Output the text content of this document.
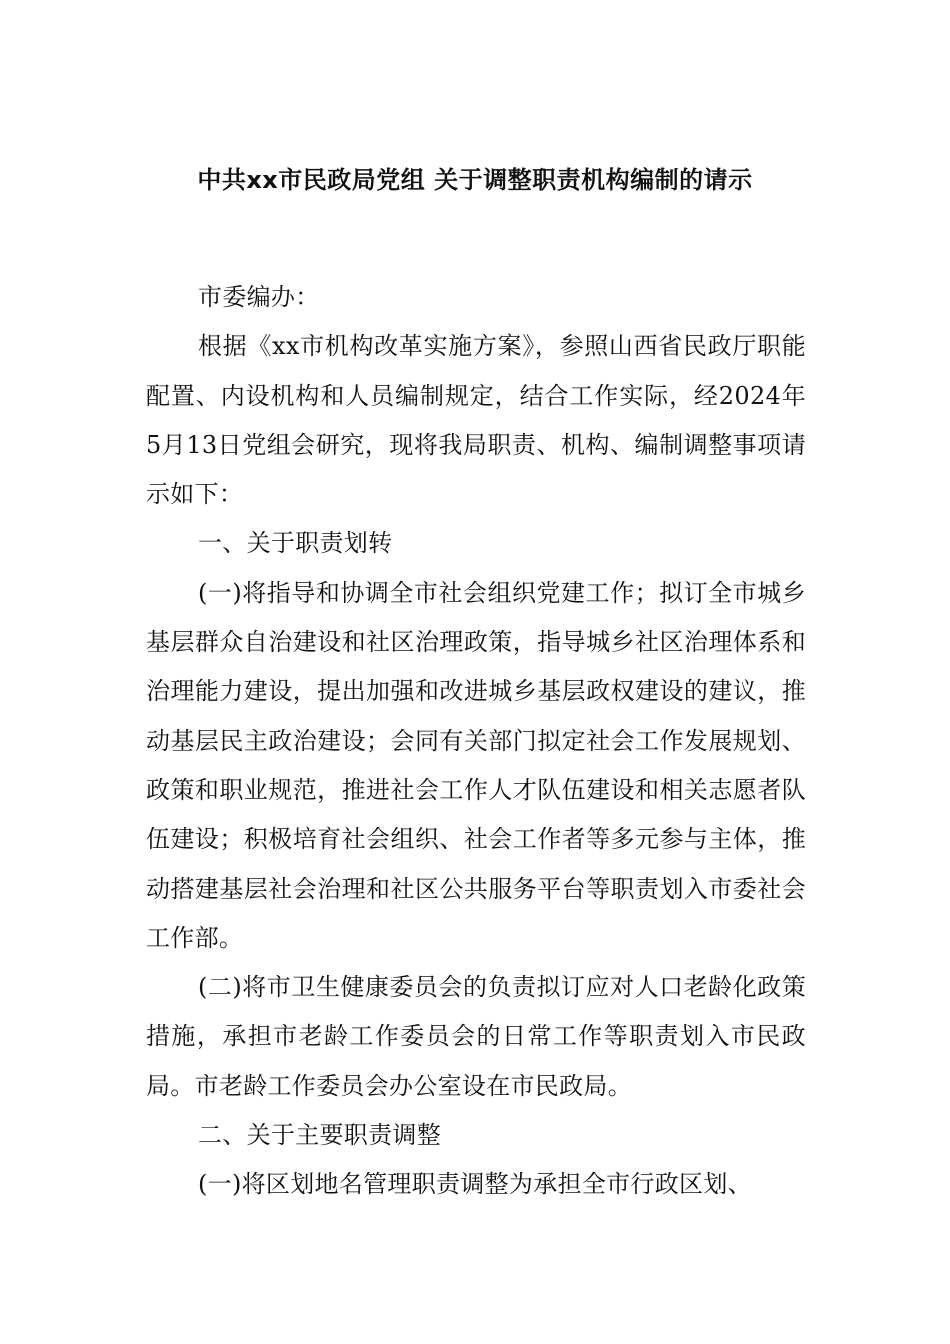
中共xx市民政局党组 关于调整职责机构编制的请示

市委编办：

根据《xx市机构改革实施方案》，参照山西省民政厅职能配置、内设机构和人员编制规定，结合工作实际，经2024年5月13日党组会研究，现将我局职责、机构、编制调整事项请示如下：

一、关于职责划转

(一)将指导和协调全市社会组织党建工作；拟订全市城乡基层群众自治建设和社区治理政策，指导城乡社区治理体系和治理能力建设，提出加强和改进城乡基层政权建设的建议，推动基层民主政治建设；会同有关部门拟定社会工作发展规划、政策和职业规范，推进社会工作人才队伍建设和相关志愿者队伍建设；积极培育社会组织、社会工作者等多元参与主体，推动搭建基层社会治理和社区公共服务平台等职责划入市委社会工作部。

(二)将市卫生健康委员会的负责拟订应对人口老龄化政策措施，承担市老龄工作委员会的日常工作等职责划入市民政局。市老龄工作委员会办公室设在市民政局。

二、关于主要职责调整

(一)将区划地名管理职责调整为承担全市行政区划、
